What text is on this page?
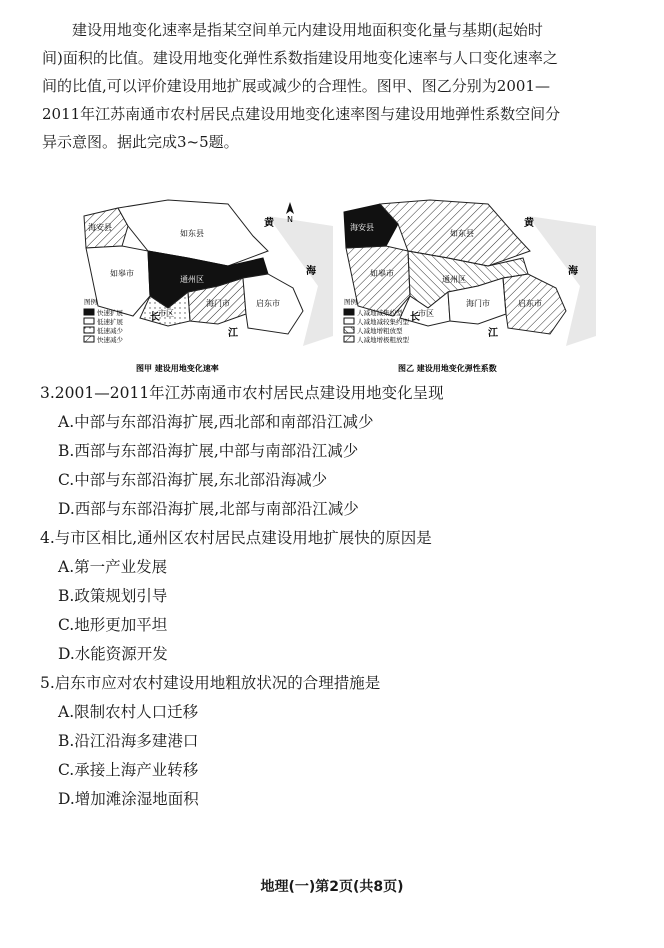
建设用地变化速率是指某空间单元内建设用地面积变化量与基期(起始时
间)面积的比值。建设用地变化弹性系数指建设用地变化速率与人口变化速率之
间的比值,可以评价建设用地扩展或减少的合理性。图甲、图乙分别为2001—
2011年江苏南通市农村居民点建设用地变化速率图与建设用地弹性系数空间分
异示意图。据此完成3~5题。
N
海安县
如东县
如皋市
通州区
市区
海门市	启东市
黄
海
长
江
图例
快速扩展
低速扩展
低速减少
快速减少
图甲 建设用地变化速率
海安县
如东县
如皋市
通州区
市区
海门市	启东市
黄
海
长
江
图例
人减地减集约型
人减地减较集约型
人减地增粗放型
人减地增极粗放型
图乙 建设用地变化弹性系数
3.2001—2011年江苏南通市农村居民点建设用地变化呈现
A.中部与东部沿海扩展,西北部和南部沿江减少
B.西部与东部沿海扩展,中部与南部沿江减少
C.中部与东部沿海扩展,东北部沿海减少
D.西部与东部沿海扩展,北部与南部沿江减少
4.与市区相比,通州区农村居民点建设用地扩展快的原因是
A.第一产业发展
B.政策规划引导
C.地形更加平坦
D.水能资源开发
5.启东市应对农村建设用地粗放状况的合理措施是
A.限制农村人口迁移
B.沿江沿海多建港口
C.承接上海产业转移
D.增加滩涂湿地面积
地理(一)第2页(共8页)
